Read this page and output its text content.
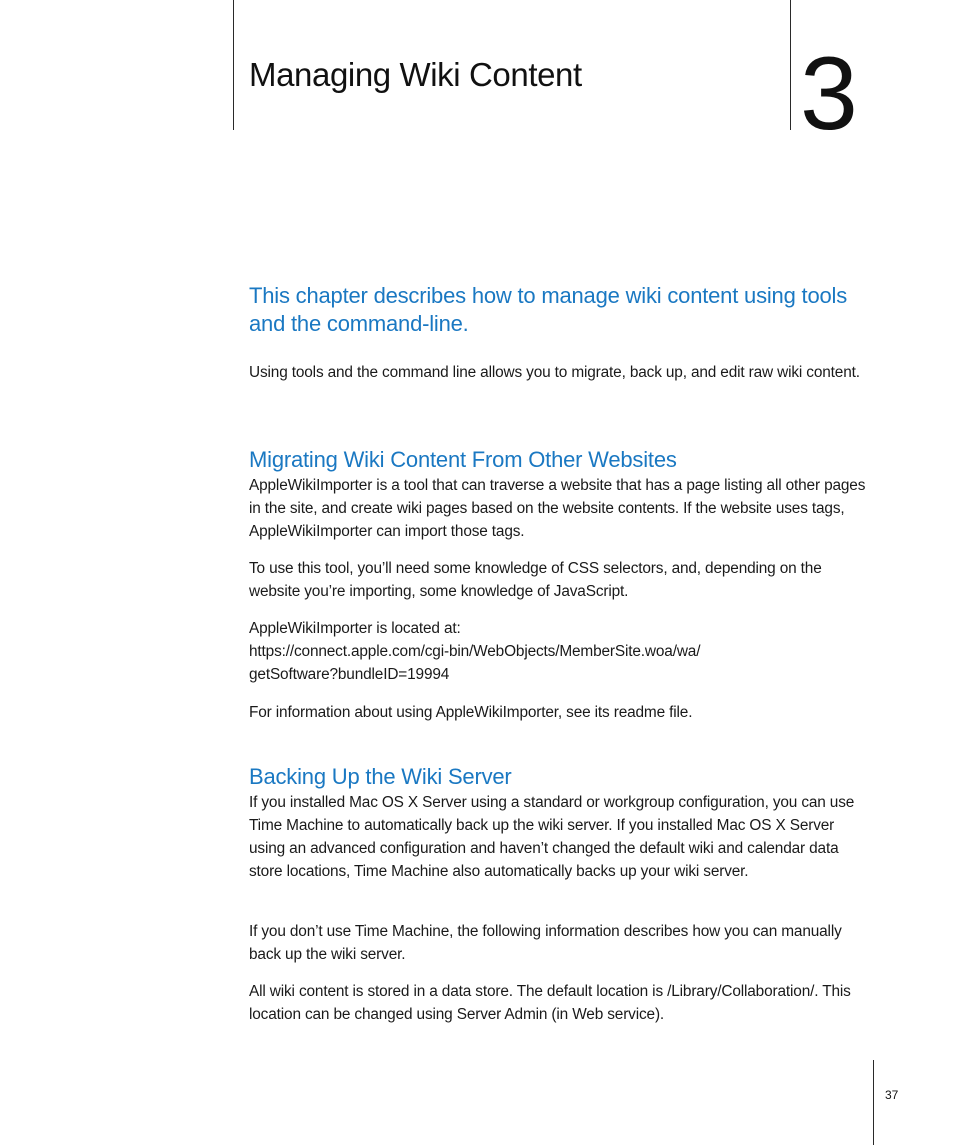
Managing Wiki Content 3

This chapter describes how to manage wiki content using tools and the command-line.

Using tools and the command line allows you to migrate, back up, and edit raw wiki content.

Migrating Wiki Content From Other Websites

AppleWikiImporter is a tool that can traverse a website that has a page listing all other pages in the site, and create wiki pages based on the website contents. If the website uses tags, AppleWikiImporter can import those tags.

To use this tool, you’ll need some knowledge of CSS selectors, and, depending on the website you’re importing, some knowledge of JavaScript.

AppleWikiImporter is located at:

https://connect.apple.com/cgi-bin/WebObjects/MemberSite.woa/wa/

getSoftware?bundleID=19994

For information about using AppleWikiImporter, see its readme file.

Backing Up the Wiki Server

If you installed Mac OS X Server using a standard or workgroup configuration, you can use Time Machine to automatically back up the wiki server. If you installed Mac OS X Server using an advanced configuration and haven’t changed the default wiki and calendar data store locations, Time Machine also automatically backs up your wiki server.

If you don’t use Time Machine, the following information describes how you can manually back up the wiki server.

All wiki content is stored in a data store. The default location is /Library/Collaboration/. This location can be changed using Server Admin (in Web service).

37
